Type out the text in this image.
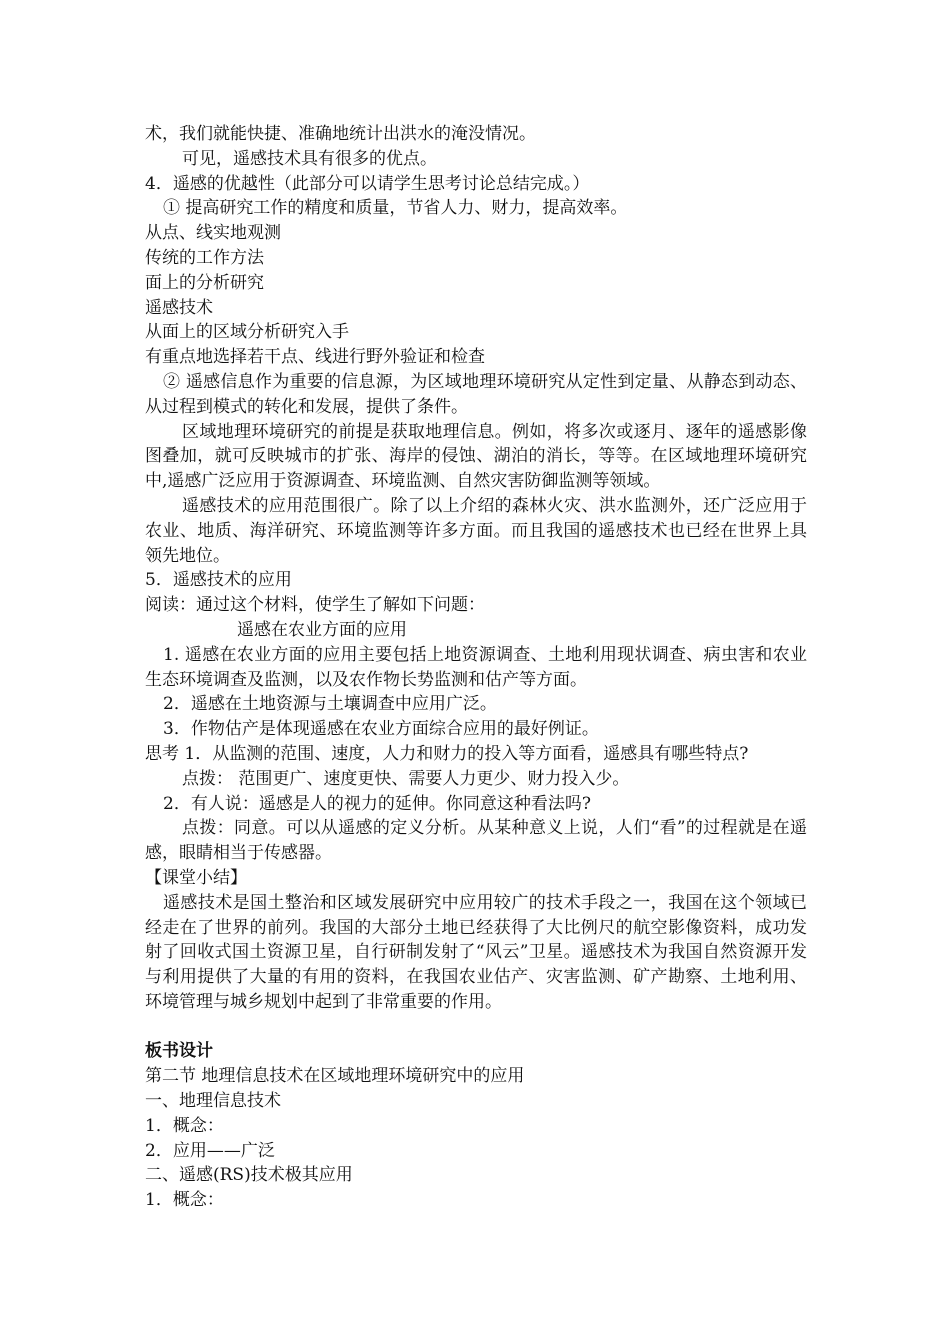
术，我们就能快捷、准确地统计出洪水的淹没情况。

可见，遥感技术具有很多的优点。

4．遥感的优越性（此部分可以请学生思考讨论总结完成。）

① 提高研究工作的精度和质量，节省人力、财力，提高效率。

从点、线实地观测

传统的工作方法

面上的分析研究

遥感技术

从面上的区域分析研究入手

有重点地选择若干点、线进行野外验证和检查

② 遥感信息作为重要的信息源，为区域地理环境研究从定性到定量、从静态到动态、从过程到模式的转化和发展，提供了条件。

区域地理环境研究的前提是获取地理信息。例如，将多次或逐月、逐年的遥感影像图叠加，就可反映城市的扩张、海岸的侵蚀、湖泊的消长，等等。在区域地理环境研究中,遥感广泛应用于资源调查、环境监测、自然灾害防御监测等领域。

遥感技术的应用范围很广。除了以上介绍的森林火灾、洪水监测外，还广泛应用于农业、地质、海洋研究、环境监测等许多方面。而且我国的遥感技术也已经在世界上具领先地位。

5．遥感技术的应用

阅读：通过这个材料，使学生了解如下问题：

遥感在农业方面的应用

1. 遥感在农业方面的应用主要包括上地资源调查、土地利用现状调查、病虫害和农业生态环境调查及监测，以及农作物长势监测和估产等方面。

2．遥感在土地资源与土壤调查中应用广泛。

3．作物估产是体现遥感在农业方面综合应用的最好例证。

思考 1．从监测的范围、速度，人力和财力的投入等方面看，遥感具有哪些特点?

点拨： 范围更广、速度更快、需要人力更少、财力投入少。

2．有人说：遥感是人的视力的延伸。你同意这种看法吗?

点拨：同意。可以从遥感的定义分析。从某种意义上说，人们“看”的过程就是在遥感，眼睛相当于传感器。

【课堂小结】

遥感技术是国土整治和区域发展研究中应用较广的技术手段之一，我国在这个领域已经走在了世界的前列。我国的大部分土地已经获得了大比例尺的航空影像资料，成功发射了回收式国土资源卫星，自行研制发射了“风云”卫星。遥感技术为我国自然资源开发与利用提供了大量的有用的资料，在我国农业估产、灾害监测、矿产勘察、土地利用、环境管理与城乡规划中起到了非常重要的作用。

板书设计

第二节 地理信息技术在区域地理环境研究中的应用

一、地理信息技术

1．概念：

2．应用——广泛

二、遥感(RS)技术极其应用

1．概念：
